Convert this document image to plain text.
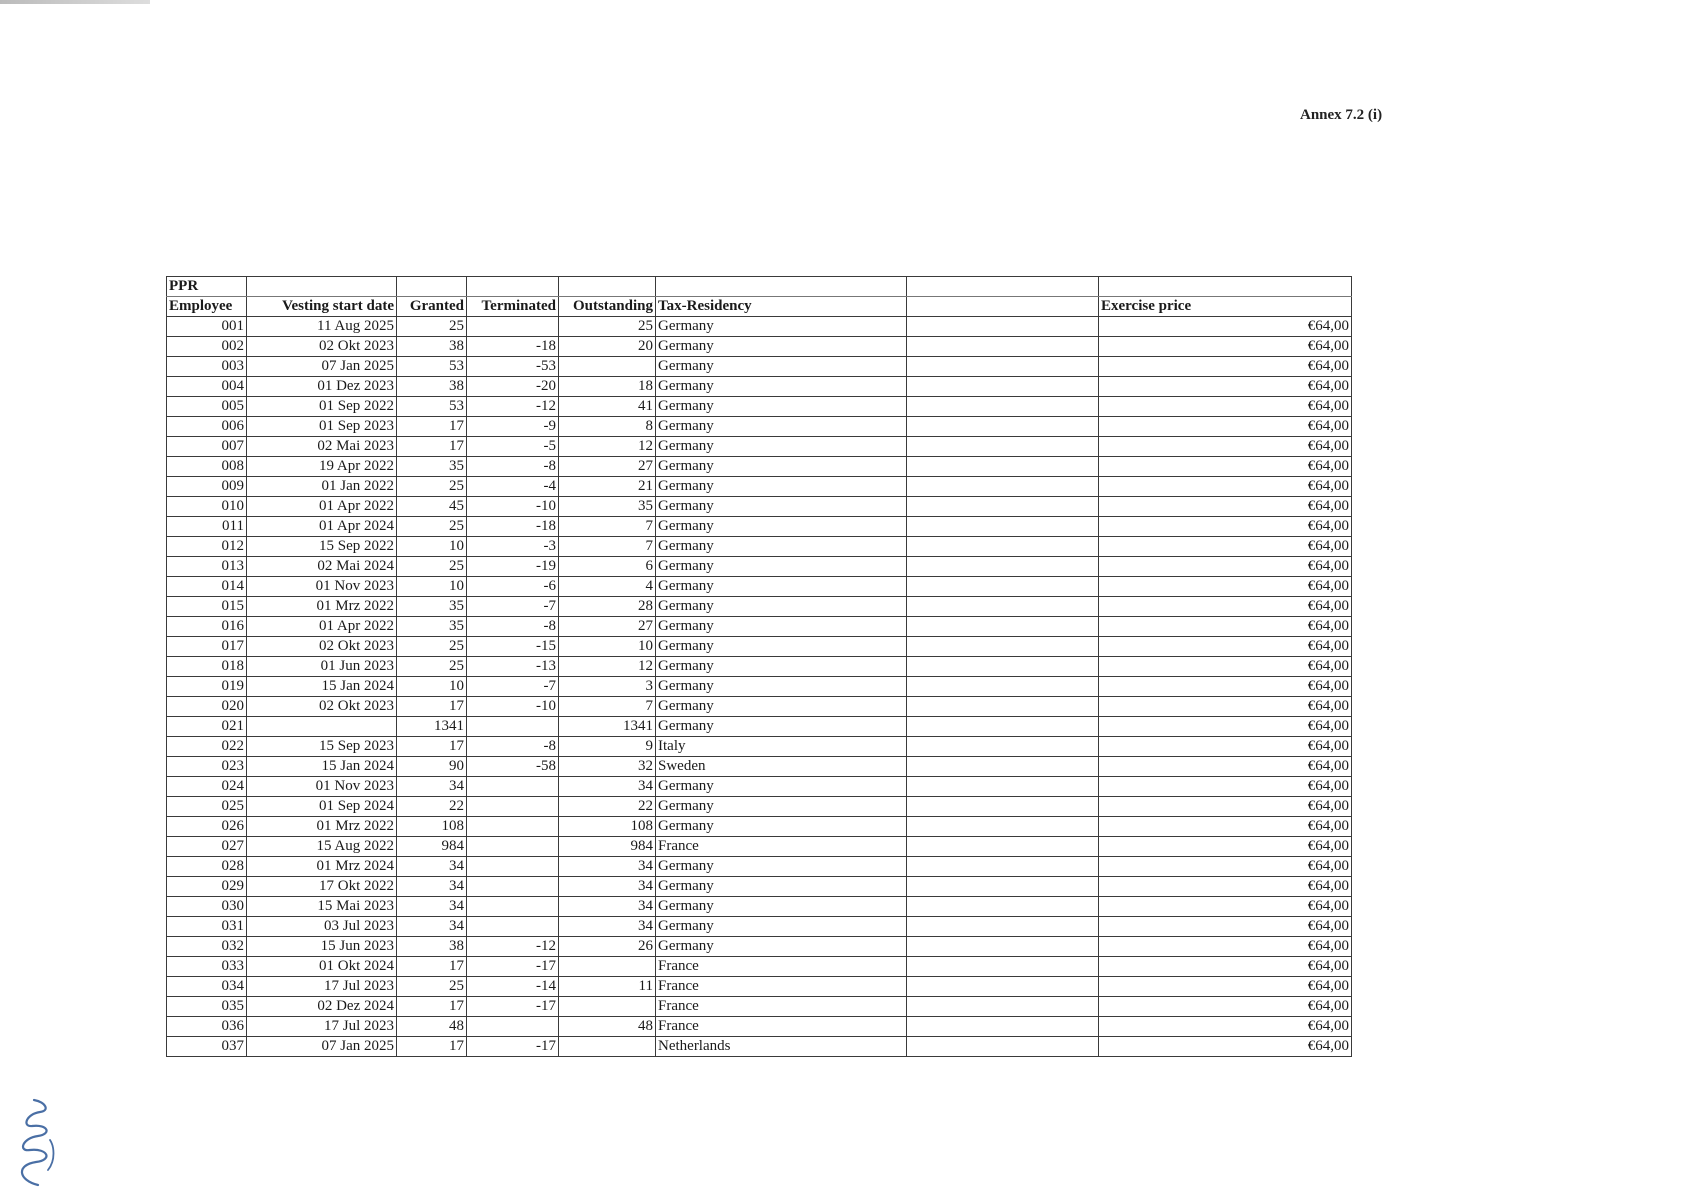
Annex 7.2 (i)
PPR							
Employee	Vesting start date	Granted	Terminated	Outstanding	Tax-Residency		Exercise price
001	11 Aug 2025	25		25	Germany		€64,00
002	02 Okt 2023	38	-18	20	Germany		€64,00
003	07 Jan 2025	53	-53		Germany		€64,00
004	01 Dez 2023	38	-20	18	Germany		€64,00
005	01 Sep 2022	53	-12	41	Germany		€64,00
006	01 Sep 2023	17	-9	8	Germany		€64,00
007	02 Mai 2023	17	-5	12	Germany		€64,00
008	19 Apr 2022	35	-8	27	Germany		€64,00
009	01 Jan 2022	25	-4	21	Germany		€64,00
010	01 Apr 2022	45	-10	35	Germany		€64,00
011	01 Apr 2024	25	-18	7	Germany		€64,00
012	15 Sep 2022	10	-3	7	Germany		€64,00
013	02 Mai 2024	25	-19	6	Germany		€64,00
014	01 Nov 2023	10	-6	4	Germany		€64,00
015	01 Mrz 2022	35	-7	28	Germany		€64,00
016	01 Apr 2022	35	-8	27	Germany		€64,00
017	02 Okt 2023	25	-15	10	Germany		€64,00
018	01 Jun 2023	25	-13	12	Germany		€64,00
019	15 Jan 2024	10	-7	3	Germany		€64,00
020	02 Okt 2023	17	-10	7	Germany		€64,00
021		1341		1341	Germany		€64,00
022	15 Sep 2023	17	-8	9	Italy		€64,00
023	15 Jan 2024	90	-58	32	Sweden		€64,00
024	01 Nov 2023	34		34	Germany		€64,00
025	01 Sep 2024	22		22	Germany		€64,00
026	01 Mrz 2022	108		108	Germany		€64,00
027	15 Aug 2022	984		984	France		€64,00
028	01 Mrz 2024	34		34	Germany		€64,00
029	17 Okt 2022	34		34	Germany		€64,00
030	15 Mai 2023	34		34	Germany		€64,00
031	03 Jul 2023	34		34	Germany		€64,00
032	15 Jun 2023	38	-12	26	Germany		€64,00
033	01 Okt 2024	17	-17		France		€64,00
034	17 Jul 2023	25	-14	11	France		€64,00
035	02 Dez 2024	17	-17		France		€64,00
036	17 Jul 2023	48		48	France		€64,00
037	07 Jan 2025	17	-17		Netherlands		€64,00
